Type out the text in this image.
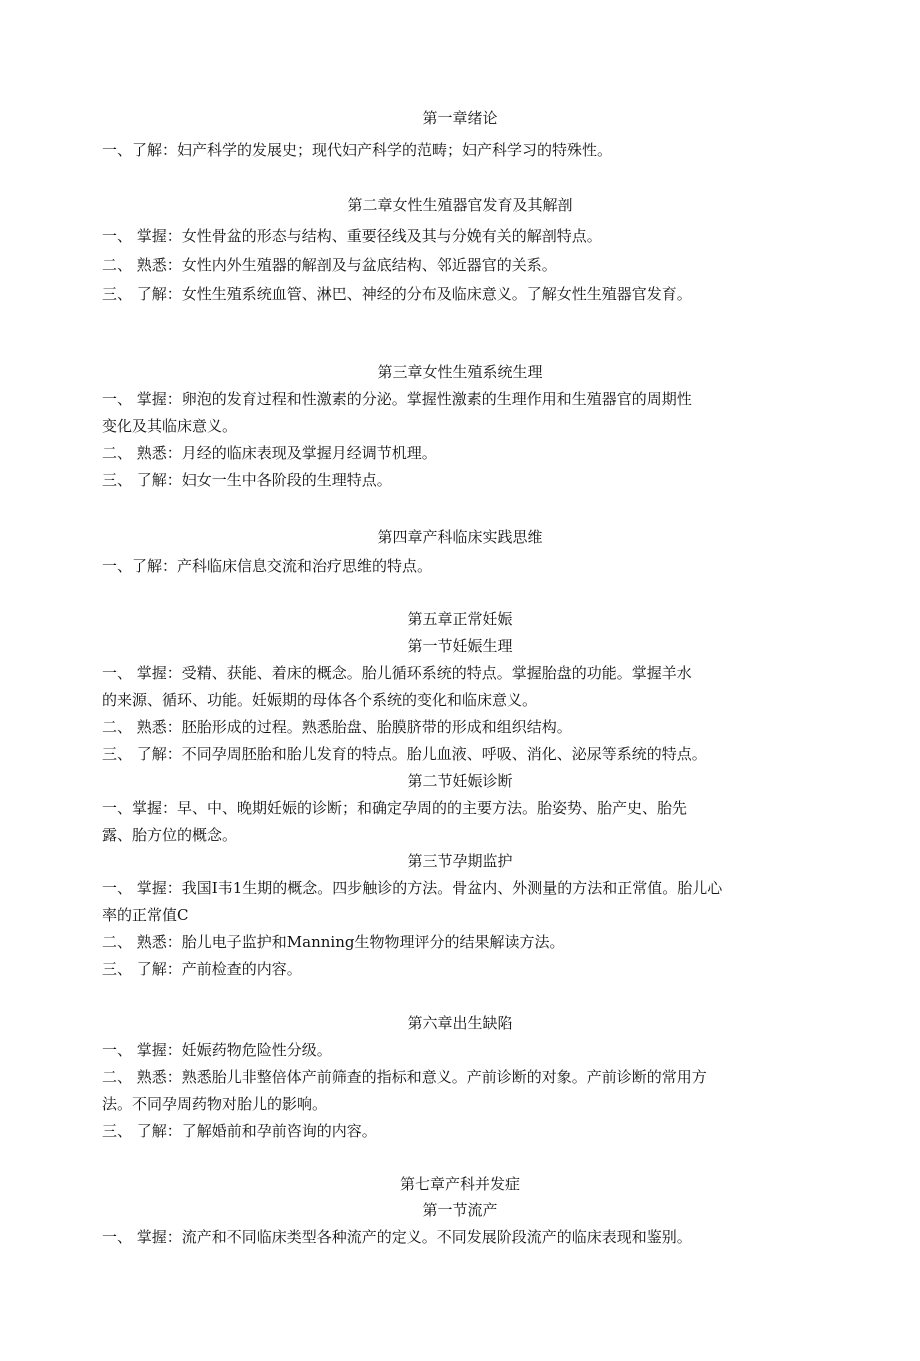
第一章绪论

一、了解：妇产科学的发展史；现代妇产科学的范畴；妇产科学习的特殊性。

第二章女性生殖器官发育及其解剖

一、 掌握：女性骨盆的形态与结构、重要径线及其与分娩有关的解剖特点。

二、 熟悉：女性内外生殖器的解剖及与盆底结构、邻近器官的关系。

三、 了解：女性生殖系统血管、淋巴、神经的分布及临床意义。了解女性生殖器官发育。

第三章女性生殖系统生理

一、 掌握：卵泡的发育过程和性激素的分泌。掌握性激素的生理作用和生殖器官的周期性

变化及其临床意义。

二、 熟悉：月经的临床表现及掌握月经调节机理。

三、 了解：妇女一生中各阶段的生理特点。

第四章产科临床实践思维

一、了解：产科临床信息交流和治疗思维的特点。

第五章正常妊娠

第一节妊娠生理

一、 掌握：受精、获能、着床的概念。胎儿循环系统的特点。掌握胎盘的功能。掌握羊水

的来源、循环、功能。妊娠期的母体各个系统的变化和临床意义。

二、 熟悉：胚胎形成的过程。熟悉胎盘、胎膜脐带的形成和组织结构。

三、 了解：不同孕周胚胎和胎儿发育的特点。胎儿血液、呼吸、消化、泌尿等系统的特点。

第二节妊娠诊断

一、掌握：早、中、晚期妊娠的诊断；和确定孕周的的主要方法。胎姿势、胎产史、胎先

露、胎方位的概念。

第三节孕期监护

一、 掌握：我国I韦1生期的概念。四步触诊的方法。骨盆内、外测量的方法和正常值。胎儿心

率的正常值C

二、 熟悉：胎儿电子监护和Manning生物物理评分的结果解读方法。

三、 了解：产前检查的内容。

第六章出生缺陷

一、 掌握：妊娠药物危险性分级。

二、 熟悉：熟悉胎儿非整倍体产前筛查的指标和意义。产前诊断的对象。产前诊断的常用方

法。不同孕周药物对胎儿的影响。

三、 了解：了解婚前和孕前咨询的内容。

第七章产科并发症

第一节流产

一、 掌握：流产和不同临床类型各种流产的定义。不同发展阶段流产的临床表现和鉴别。
